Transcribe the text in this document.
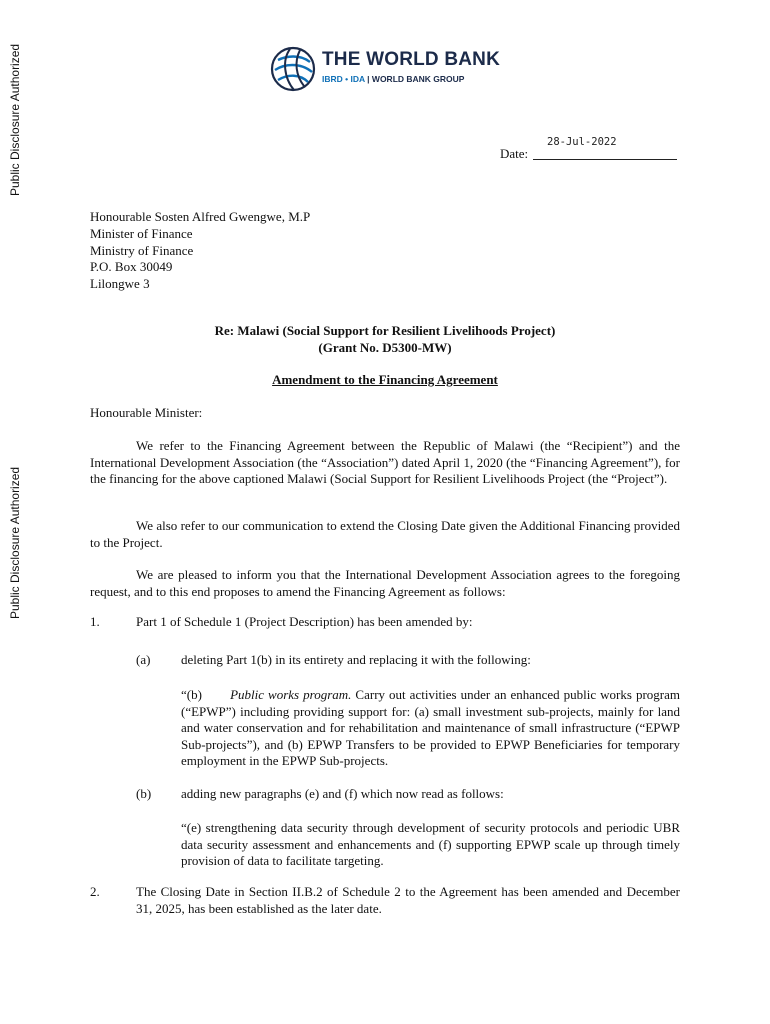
Public Disclosure Authorized
Public Disclosure Authorized
THE WORLD BANK
IBRD • IDA | WORLD BANK GROUP
28-Jul-2022
Date:
Honourable Sosten Alfred Gwengwe, M.P
Minister of Finance
Ministry of Finance
P.O. Box 30049
Lilongwe 3
Re: Malawi (Social Support for Resilient Livelihoods Project)
(Grant No. D5300-MW)
Amendment to the Financing Agreement
Honourable Minister:
We refer to the Financing Agreement between the Republic of Malawi (the “Recipient”) and the International Development Association (the “Association”) dated April 1, 2020 (the “Financing Agreement”), for the financing for the above captioned Malawi (Social Support for Resilient Livelihoods Project (the “Project”).
We also refer to our communication to extend the Closing Date given the Additional Financing provided to the Project.
We are pleased to inform you that the International Development Association agrees to the foregoing request, and to this end proposes to amend the Financing Agreement as follows:
1.	Part 1 of Schedule 1 (Project Description) has been amended by:
(a) deleting Part 1(b) in its entirety and replacing it with the following:
“(b) Public works program. Carry out activities under an enhanced public works program (“EPWP”) including providing support for: (a) small investment sub-projects, mainly for land and water conservation and for rehabilitation and maintenance of small infrastructure (“EPWP Sub-projects”), and (b) EPWP Transfers to be provided to EPWP Beneficiaries for temporary employment in the EPWP Sub-projects.
(b) adding new paragraphs (e) and (f) which now read as follows:
“(e) strengthening data security through development of security protocols and periodic UBR data security assessment and enhancements and (f) supporting EPWP scale up through timely provision of data to facilitate targeting.
2.	The Closing Date in Section II.B.2 of Schedule 2 to the Agreement has been amended and December 31, 2025, has been established as the later date.
